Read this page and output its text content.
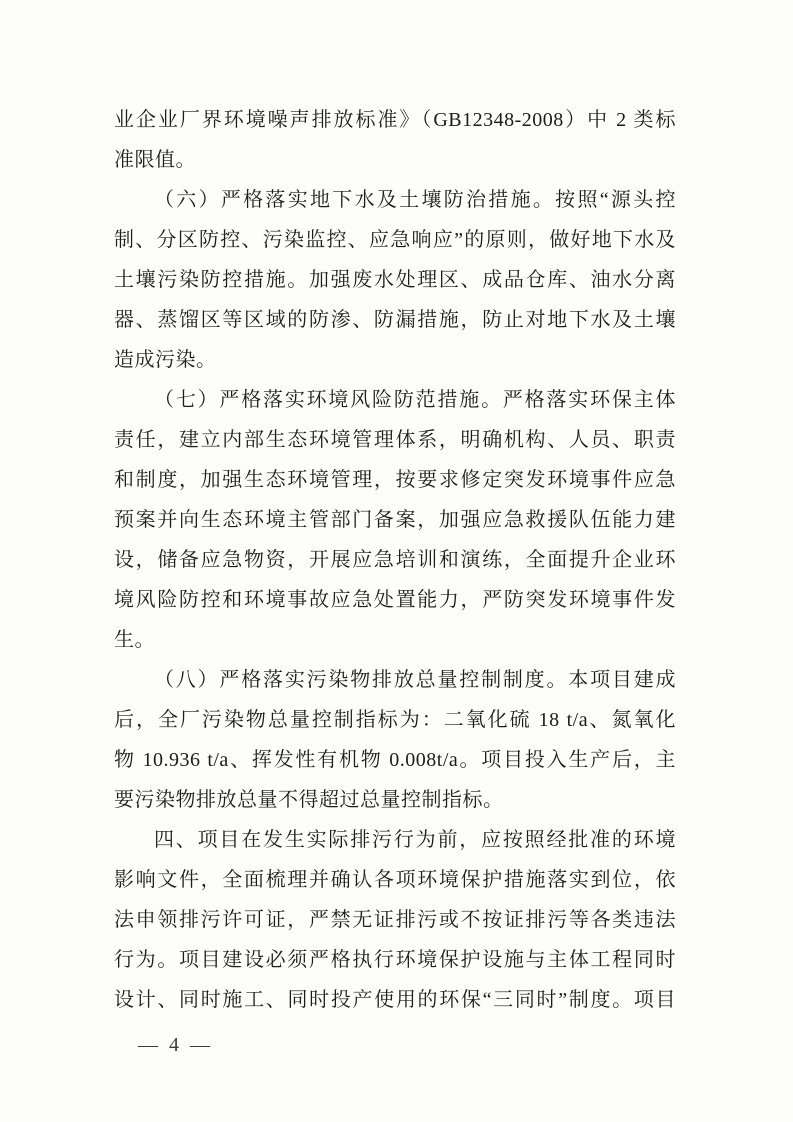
业企业厂界环境噪声排放标准》（GB12348-2008）中 2 类标
准限值。
（六）严格落实地下水及土壤防治措施。按照“源头控
制、分区防控、污染监控、应急响应”的原则，做好地下水及
土壤污染防控措施。加强废水处理区、成品仓库、油水分离
器、蒸馏区等区域的防渗、防漏措施，防止对地下水及土壤
造成污染。
（七）严格落实环境风险防范措施。严格落实环保主体
责任，建立内部生态环境管理体系，明确机构、人员、职责
和制度，加强生态环境管理，按要求修定突发环境事件应急
预案并向生态环境主管部门备案，加强应急救援队伍能力建
设，储备应急物资，开展应急培训和演练，全面提升企业环
境风险防控和环境事故应急处置能力，严防突发环境事件发
生。
（八）严格落实污染物排放总量控制制度。本项目建成
后，全厂污染物总量控制指标为：二氧化硫 18 t/a、氮氧化
物 10.936 t/a、挥发性有机物 0.008t/a。项目投入生产后，主
要污染物排放总量不得超过总量控制指标。
四、项目在发生实际排污行为前，应按照经批准的环境
影响文件，全面梳理并确认各项环境保护措施落实到位，依
法申领排污许可证，严禁无证排污或不按证排污等各类违法
行为。项目建设必须严格执行环境保护设施与主体工程同时
设计、同时施工、同时投产使用的环保“三同时”制度。项目
— 4 —
